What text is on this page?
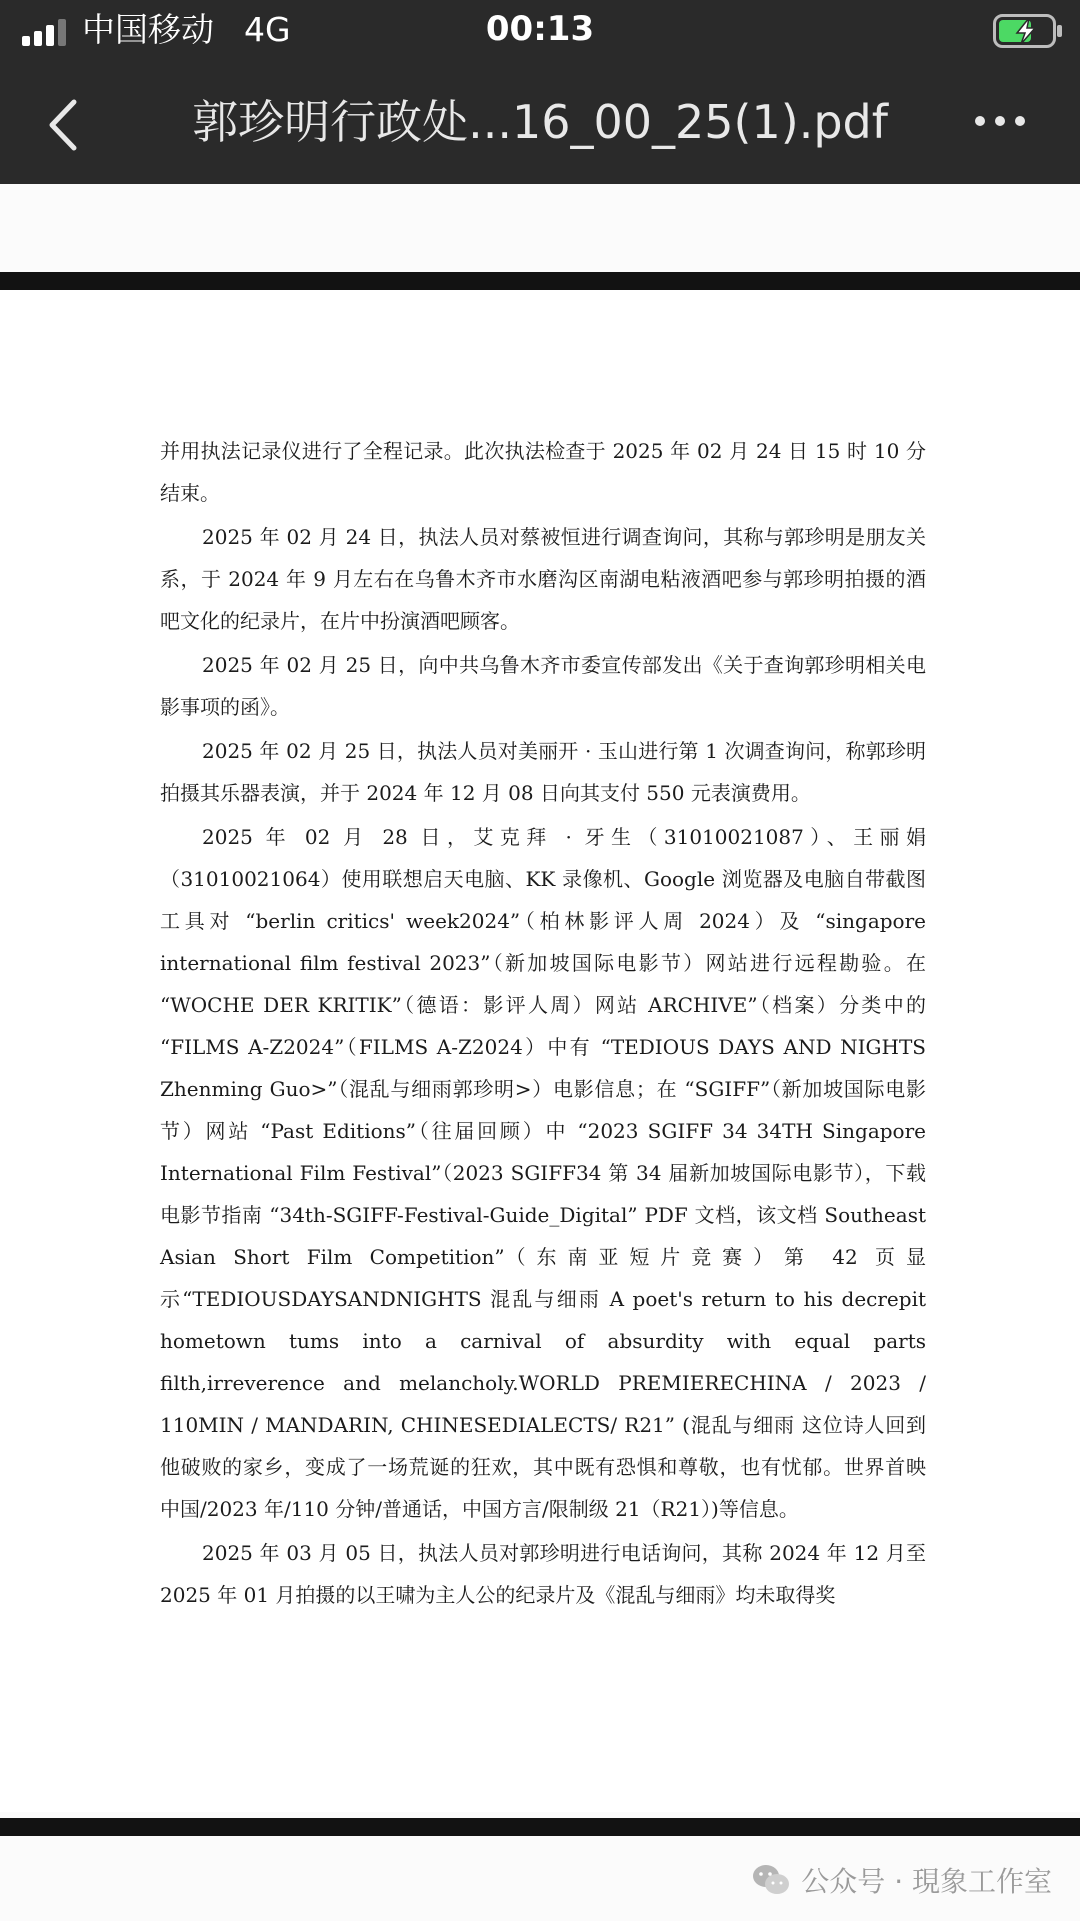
中国移动 4G	00:13
郭珍明行政处...16_00_25(1).pdf

并用执法记录仪进行了全程记录。此次执法检查于 2025 年 02 月 24 日 15 时 10 分结束。

2025 年 02 月 24 日，执法人员对蔡被恒进行调查询问，其称与郭珍明是朋友关系，于 2024 年 9 月左右在乌鲁木齐市水磨沟区南湖电粘液酒吧参与郭珍明拍摄的酒吧文化的纪录片，在片中扮演酒吧顾客。

2025 年 02 月 25 日，向中共乌鲁木齐市委宣传部发出《关于查询郭珍明相关电影事项的函》。

2025 年 02 月 25 日，执法人员对美丽开 · 玉山进行第 1 次调查询问，称郭珍明拍摄其乐器表演，并于 2024 年 12 月 08 日向其支付 550 元表演费用。

2025 年 02 月 28 日，艾克拜 · 牙生（31010021087）、王丽娟（31010021064）使用联想启天电脑、KK 录像机、Google 浏览器及电脑自带截图工具对 “berlin critics' week2024”（柏林影评人周 2024）及 “singapore international film festival 2023”（新加坡国际电影节）网站进行远程勘验。在 “WOCHE DER KRITIK”（德语：影评人周）网站 ARCHIVE”（档案）分类中的 “FILMS A-Z2024”（FILMS A-Z2024）中有 “TEDIOUS DAYS AND NIGHTS Zhenming Guo>”（混乱与细雨郭珍明>）电影信息；在 “SGIFF”（新加坡国际电影节）网站 “Past Editions”（往届回顾）中 “2023 SGIFF 34 34TH Singapore International Film Festival”（2023 SGIFF34 第 34 届新加坡国际电影节），下载电影节指南 “34th-SGIFF-Festival-Guide_Digital” PDF 文档，该文档 Southeast Asian Short Film Competition”（东南亚短片竞赛）第 42 页显示“TEDIOUSDAYSANDNIGHTS 混乱与细雨 A poet's return to his decrepit hometown tums into a carnival of absurdity with equal parts filth,irreverence and melancholy.WORLD PREMIERECHINA / 2023 / 110MIN / MANDARIN, CHINESEDIALECTS/ R21” (混乱与细雨 这位诗人回到他破败的家乡，变成了一场荒诞的狂欢，其中既有恐惧和尊敬，也有忧郁。世界首映 中国/2023 年/110 分钟/普通话，中国方言/限制级 21（R21）)等信息。

2025 年 03 月 05 日，执法人员对郭珍明进行电话询问，其称 2024 年 12 月至 2025 年 01 月拍摄的以王啸为主人公的纪录片及《混乱与细雨》均未取得奖

公众号 · 現象工作室
